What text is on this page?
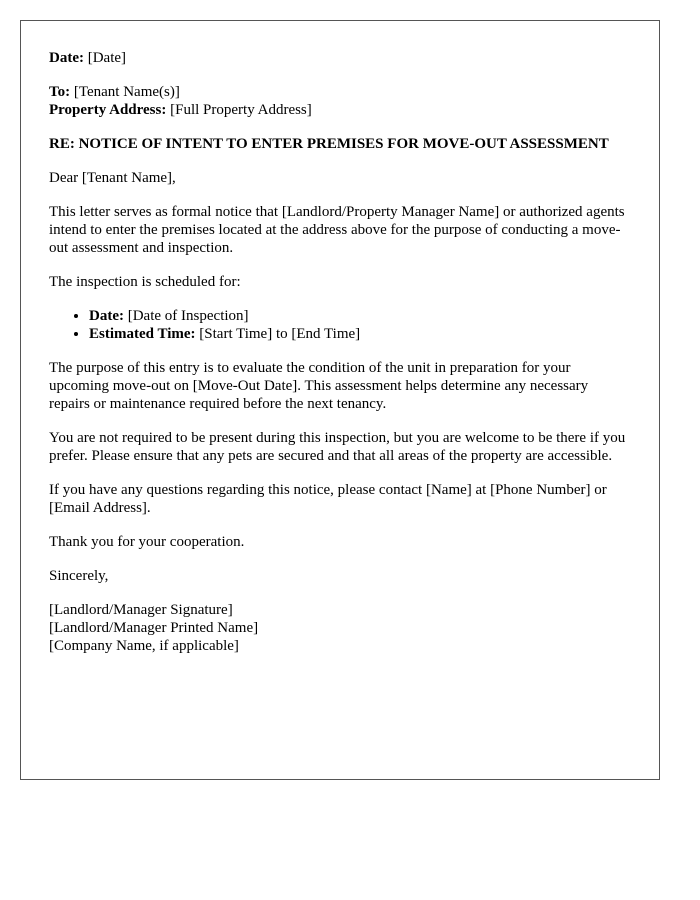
Date: [Date]

To: [Tenant Name(s)]
Property Address: [Full Property Address]

RE: NOTICE OF INTENT TO ENTER PREMISES FOR MOVE-OUT ASSESSMENT

Dear [Tenant Name],

This letter serves as formal notice that [Landlord/Property Manager Name] or authorized agents intend to enter the premises located at the address above for the purpose of conducting a move-out assessment and inspection.

The inspection is scheduled for:

• Date: [Date of Inspection]
• Estimated Time: [Start Time] to [End Time]

The purpose of this entry is to evaluate the condition of the unit in preparation for your upcoming move-out on [Move-Out Date]. This assessment helps determine any necessary repairs or maintenance required before the next tenancy.

You are not required to be present during this inspection, but you are welcome to be there if you prefer. Please ensure that any pets are secured and that all areas of the property are accessible.

If you have any questions regarding this notice, please contact [Name] at [Phone Number] or [Email Address].

Thank you for your cooperation.

Sincerely,

[Landlord/Manager Signature]

[Landlord/Manager Printed Name]

[Company Name, if applicable]
